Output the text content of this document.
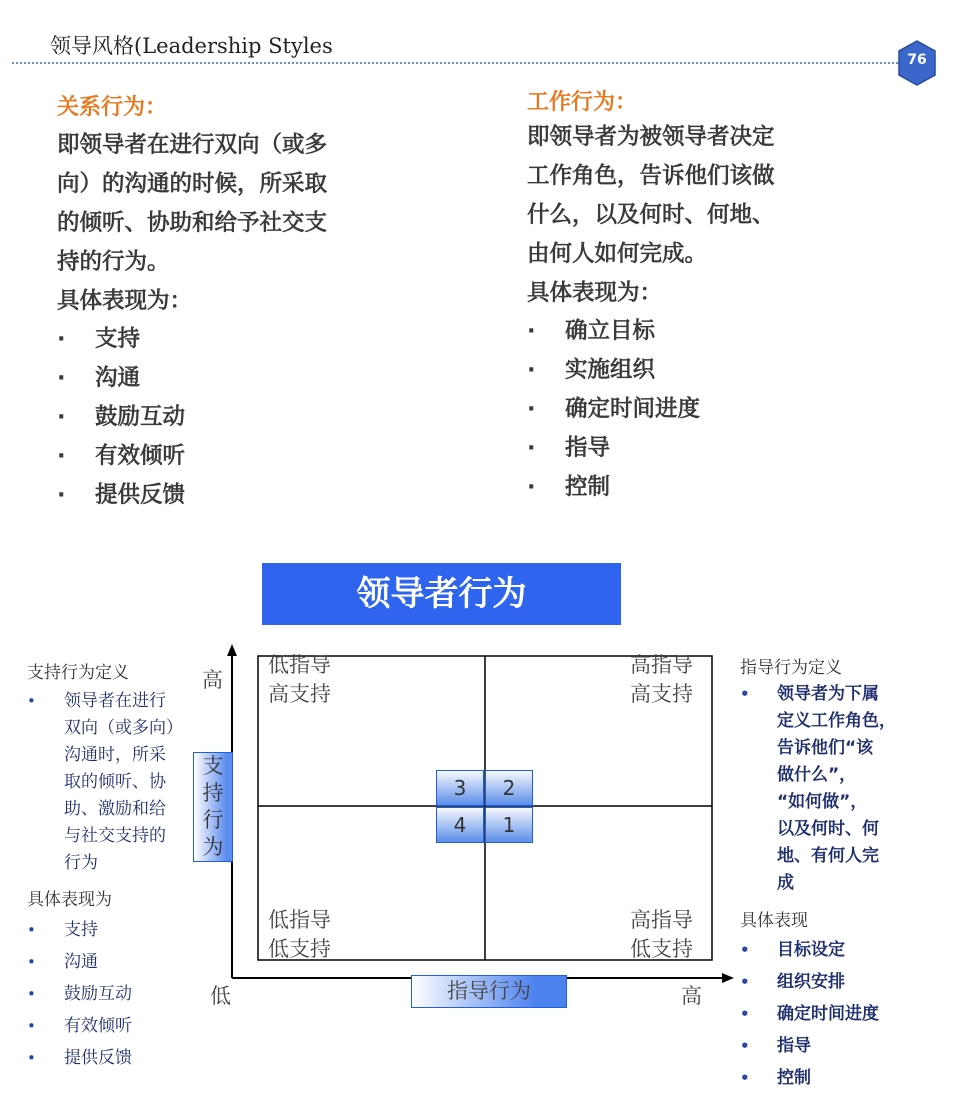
领导风格(Leadership Styles
76
关系行为：
即领导者在进行双向（或多
向）的沟通的时候，所采取
的倾听、协助和给予社交支
持的行为。
具体表现为：
·	支持
·	沟通
·	鼓励互动
·	有效倾听
·	提供反馈
工作行为：
即领导者为被领导者决定
工作角色，告诉他们该做
什么，以及何时、何地、
由何人如何完成。
具体表现为：
·	确立目标
·	实施组织
·	确定时间进度
·	指导
·	控制
领导者行为
支持行为定义
• 领导者在进行
双向（或多向）
沟通时，所采
取的倾听、协
助、激励和给
与社交支持的
行为
具体表现为
• 支持
• 沟通
• 鼓励互动
• 有效倾听
• 提供反馈
指导行为定义
• 领导者为下属
定义工作角色，
告诉他们“该
做什么”，
“如何做”，
以及何时、何
地、有何人完
成
具体表现
• 目标设定
• 组织安排
• 确定时间进度
• 指导
• 控制
低指导
高支持
高指导
高支持
低指导
低支持
高指导
低支持
高
低	高
支
持
行
为
指导行为
3	2
4	1
